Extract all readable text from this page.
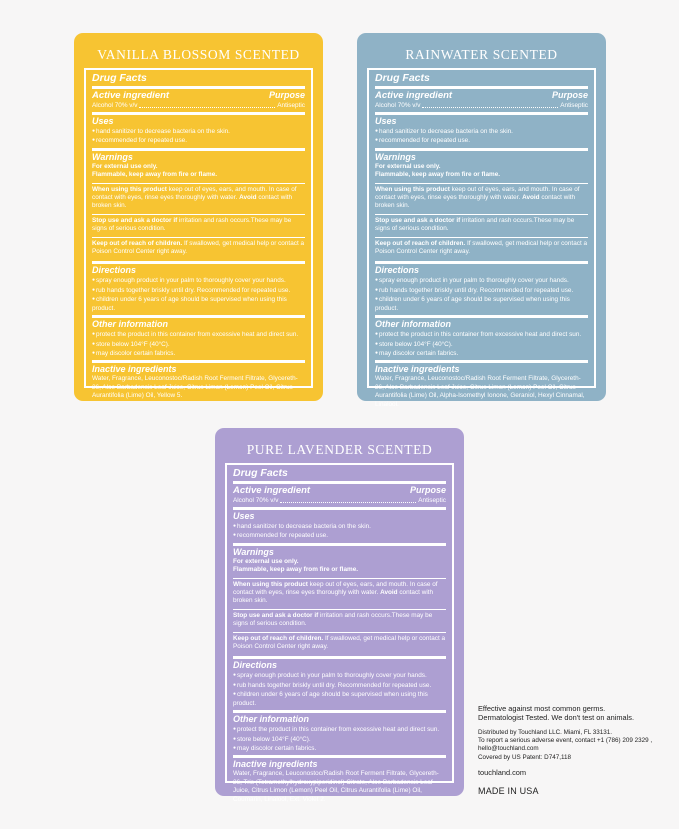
VANILLA BLOSSOM SCENTED
Drug Facts
Active ingredient	Purpose
Alcohol 70% v/v	Antiseptic
Uses
● hand sanitizer to decrease bacteria on the skin.
● recommended for repeated use.
Warnings
For external use only.
Flammable, keep away from fire or flame.
When using this product keep out of eyes, ears, and mouth. In case of contact with eyes, rinse eyes thoroughly with water. Avoid contact with broken skin.
Stop use and ask a doctor if irritation and rash occurs.These may be signs of serious condition.
Keep out of reach of children. If swallowed, get medical help or contact a Poison Control Center right away.
Directions
● spray enough product in your palm to thoroughly cover your hands.
● rub hands together briskly until dry. Recommended for repeated use.
● children under 6 years of age should be supervised when using this product.
Other information
● protect the product in this container from excessive heat and direct sun.
● store below 104°F (40°C).
● may discolor certain fabrics.
Inactive ingredients
Water, Fragrance, Leuconostoc/Radish Root Ferment Filtrate, Glycereth-26, Aloe Barbadensis Leaf Juice, Citrus Limon (Lemon) Peel Oil, Citrus Aurantifolia (Lime) Oil, Yellow 5.
RAINWATER SCENTED
Drug Facts
Active ingredient	Purpose
Alcohol 70% v/v	Antiseptic
Uses
● hand sanitizer to decrease bacteria on the skin.
● recommended for repeated use.
Warnings
For external use only.
Flammable, keep away from fire or flame.
When using this product keep out of eyes, ears, and mouth. In case of contact with eyes, rinse eyes thoroughly with water. Avoid contact with broken skin.
Stop use and ask a doctor if irritation and rash occurs.These may be signs of serious condition.
Keep out of reach of children. If swallowed, get medical help or contact a Poison Control Center right away.
Directions
● spray enough product in your palm to thoroughly cover your hands.
● rub hands together briskly until dry. Recommended for repeated use.
● children under 6 years of age should be supervised when using this product.
Other information
● protect the product in this container from excessive heat and direct sun.
● store below 104°F (40°C).
● may discolor certain fabrics.
Inactive ingredients
Water, Fragrance, Leuconostoc/Radish Root Ferment Filtrate, Glycereth-26, Aloe Barbadensis Leaf Juice, Citrus Limon (Lemon) Peel Oil, Citrus Aurantifolia (Lime) Oil, Alpha-Isomethyl Ionone, Geraniol, Hexyl Cinnamal, Linalool.
PURE LAVENDER SCENTED
Drug Facts
Active ingredient	Purpose
Alcohol 70% v/v	Antiseptic
Uses
● hand sanitizer to decrease bacteria on the skin.
● recommended for repeated use.
Warnings
For external use only.
Flammable, keep away from fire or flame.
When using this product keep out of eyes, ears, and mouth. In case of contact with eyes, rinse eyes thoroughly with water. Avoid contact with broken skin.
Stop use and ask a doctor if irritation and rash occurs.These may be signs of serious condition.
Keep out of reach of children. If swallowed, get medical help or contact a Poison Control Center right away.
Directions
● spray enough product in your palm to thoroughly cover your hands.
● rub hands together briskly until dry. Recommended for repeated use.
● children under 6 years of age should be supervised when using this product.
Other information
● protect the product in this container from excessive heat and direct sun.
● store below 104°F (40°C).
● may discolor certain fabrics.
Inactive ingredients
Water, Fragrance, Leuconostoc/Radish Root Ferment Filtrate, Glycereth-26, Tris (Tetramethylhydroxypiperidinol) Citrate, Aloe Barbadensis Leaf Juice, Citrus Limon (Lemon) Peel Oil, Citrus Aurantifolia (Lime) Oil, Coumarin, Linalool, Ext. Violet 2.
Effective against most common germs.
Dermatologist Tested. We don't test on animals.
Distributed by Touchland LLC. Miami, FL 33131.
To report a serious adverse event, contact +1 (786) 209 2329 ,
hello@touchland.com
Covered by US Patent: D747,118
touchland.com
MADE IN USA
